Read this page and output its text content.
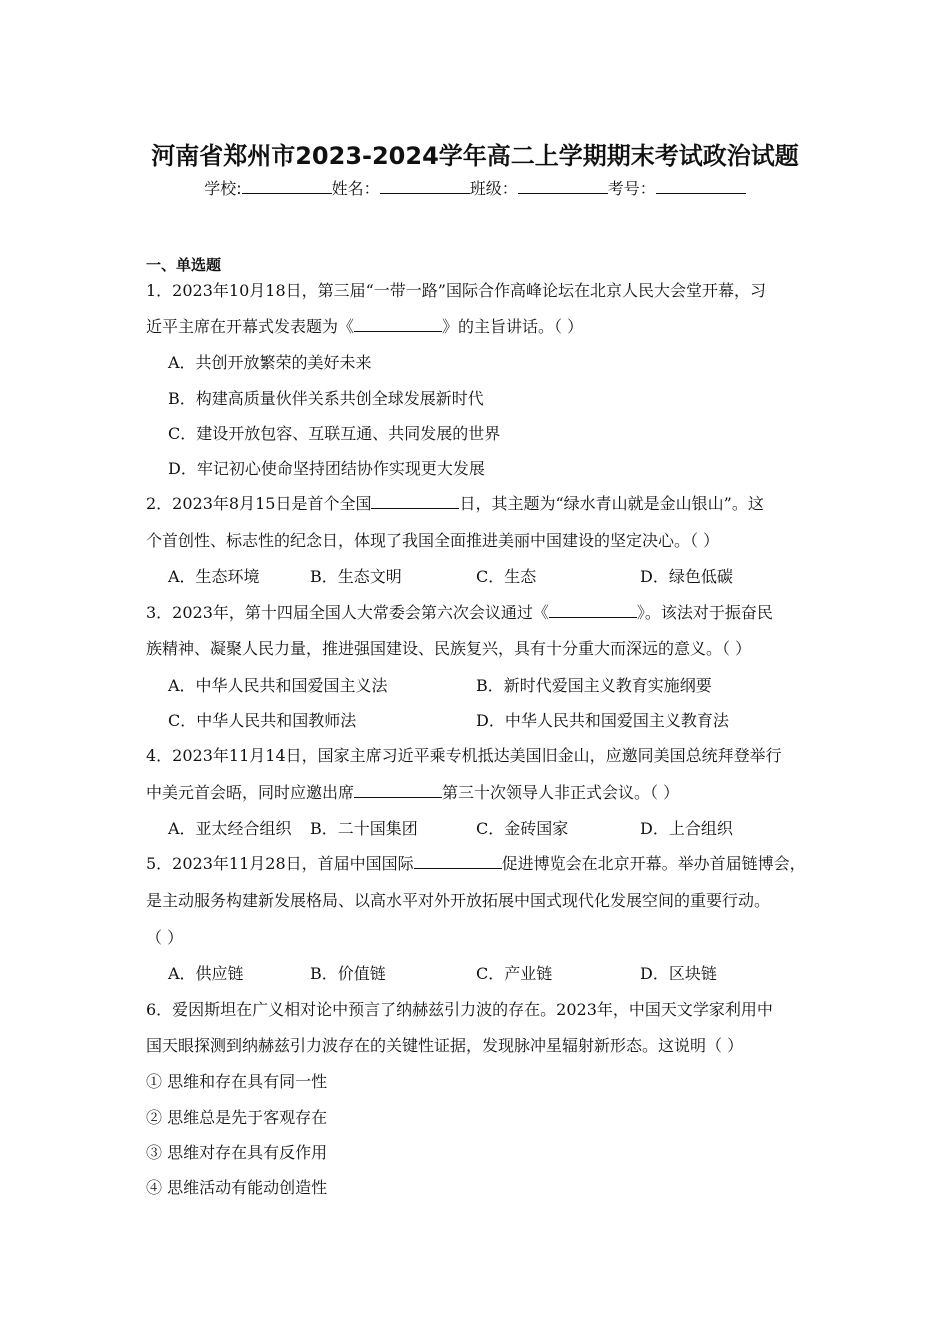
河南省郑州市2023-2024学年高二上学期期末考试政治试题
学校:	姓名：	班级：	考号：
一、单选题
1．2023年10月18日，第三届“一带一路”国际合作高峰论坛在北京人民大会堂开幕，习
近平主席在开幕式发表题为《	》的主旨讲话。（ ）
A．共创开放繁荣的美好未来
B．构建高质量伙伴关系共创全球发展新时代
C．建设开放包容、互联互通、共同发展的世界
D．牢记初心使命坚持团结协作实现更大发展
2．2023年8月15日是首个全国	日，其主题为“绿水青山就是金山银山”。这
个首创性、标志性的纪念日，体现了我国全面推进美丽中国建设的坚定决心。（ ）
A．生态环境	B．生态文明	C．生态	D．绿色低碳
3．2023年，第十四届全国人大常委会第六次会议通过《	》。该法对于振奋民
族精神、凝聚人民力量，推进强国建设、民族复兴，具有十分重大而深远的意义。（ ）
A．中华人民共和国爱国主义法	B．新时代爱国主义教育实施纲要
C．中华人民共和国教师法	D．中华人民共和国爱国主义教育法
4．2023年11月14日，国家主席习近平乘专机抵达美国旧金山，应邀同美国总统拜登举行
中美元首会晤，同时应邀出席	第三十次领导人非正式会议。（ ）
A．亚太经合组织 B．二十国集团	C．金砖国家	D．上合组织
5．2023年11月28日，首届中国国际	促进博览会在北京开幕。举办首届链博会，
是主动服务构建新发展格局、以高水平对外开放拓展中国式现代化发展空间的重要行动。
（ ）
A．供应链	B．价值链	C．产业链	D．区块链
6．爱因斯坦在广义相对论中预言了纳赫兹引力波的存在。2023年，中国天文学家利用中
国天眼探测到纳赫兹引力波存在的关键性证据，发现脉冲星辐射新形态。这说明（ ）
① 思维和存在具有同一性
② 思维总是先于客观存在
③ 思维对存在具有反作用
④ 思维活动有能动创造性
